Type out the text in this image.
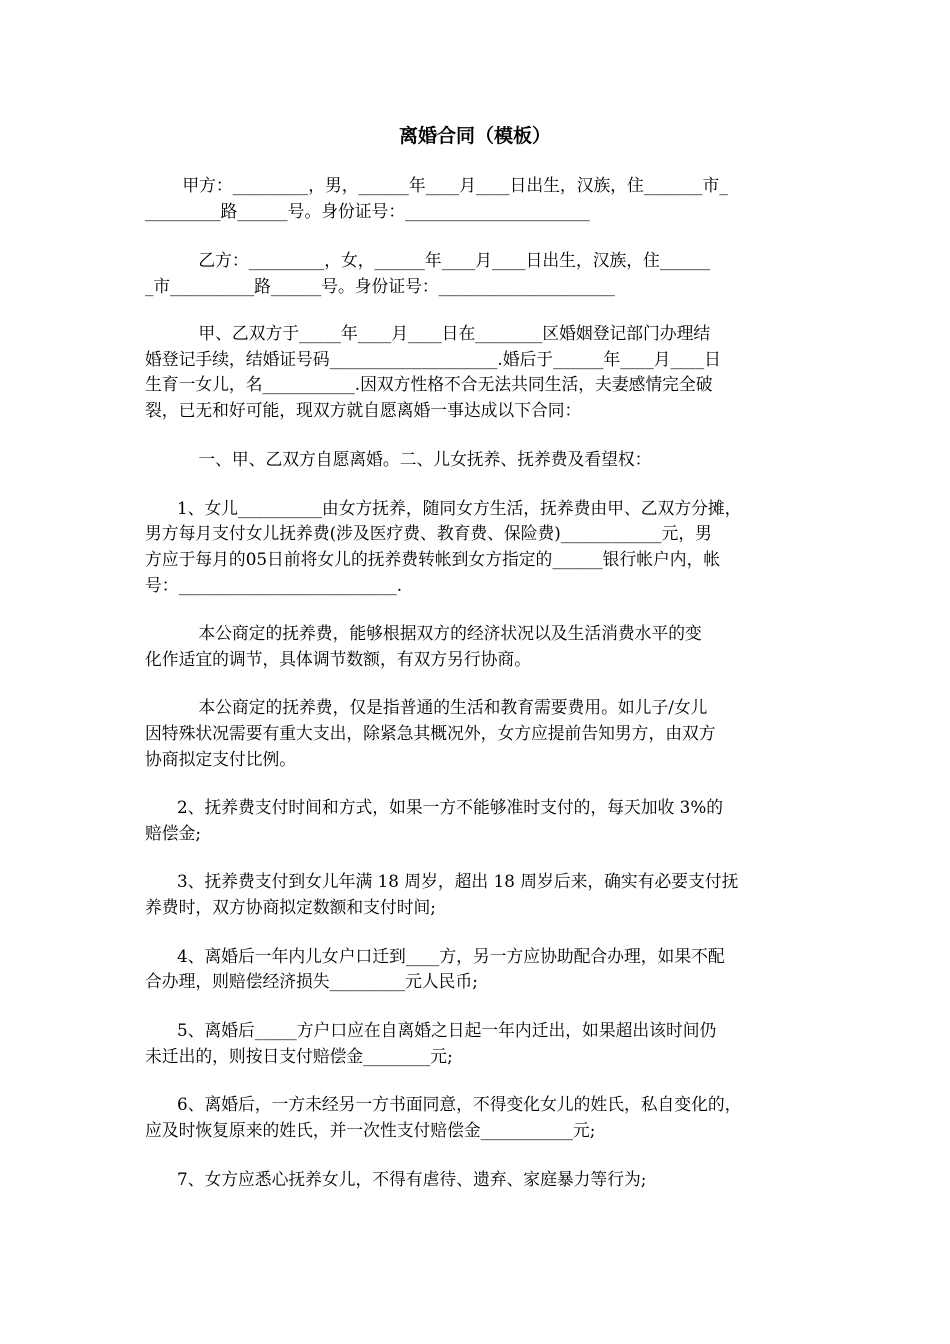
离婚合同（模板）
甲方：_________，男，______年____月____日出生，汉族，住_______市_
_________路______号。身份证号：______________________
乙方：_________，女，______年____月____日出生，汉族，住______
_市__________路______号。身份证号：_____________________
甲、乙双方于_____年____月____日在________区婚姻登记部门办理结
婚登记手续，结婚证号码____________________.婚后于______年____月____日
生育一女儿，名___________.因双方性格不合无法共同生活，夫妻感情完全破
裂，已无和好可能，现双方就自愿离婚一事达成以下合同：
一、甲、乙双方自愿离婚。二、儿女抚养、抚养费及看望权：
1、女儿__________由女方抚养，随同女方生活，抚养费由甲、乙双方分摊，
男方每月支付女儿抚养费(涉及医疗费、教育费、保险费)____________元，男
方应于每月的05日前将女儿的抚养费转帐到女方指定的______银行帐户内，帐
号：__________________________.
本公商定的抚养费，能够根据双方的经济状况以及生活消费水平的变
化作适宜的调节，具体调节数额，有双方另行协商。
本公商定的抚养费，仅是指普通的生活和教育需要费用。如儿子/女儿
因特殊状况需要有重大支出，除紧急其概况外，女方应提前告知男方，由双方
协商拟定支付比例。
2、抚养费支付时间和方式，如果一方不能够准时支付的，每天加收 3%的
赔偿金;
3、抚养费支付到女儿年满 18 周岁，超出 18 周岁后来，确实有必要支付抚
养费时，双方协商拟定数额和支付时间;
4、离婚后一年内儿女户口迁到____方，另一方应协助配合办理，如果不配
合办理，则赔偿经济损失_________元人民币;
5、离婚后_____方户口应在自离婚之日起一年内迁出，如果超出该时间仍
未迁出的，则按日支付赔偿金________元;
6、离婚后，一方未经另一方书面同意，不得变化女儿的姓氏，私自变化的，
应及时恢复原来的姓氏，并一次性支付赔偿金___________元;
7、女方应悉心抚养女儿，不得有虐待、遗弃、家庭暴力等行为;
